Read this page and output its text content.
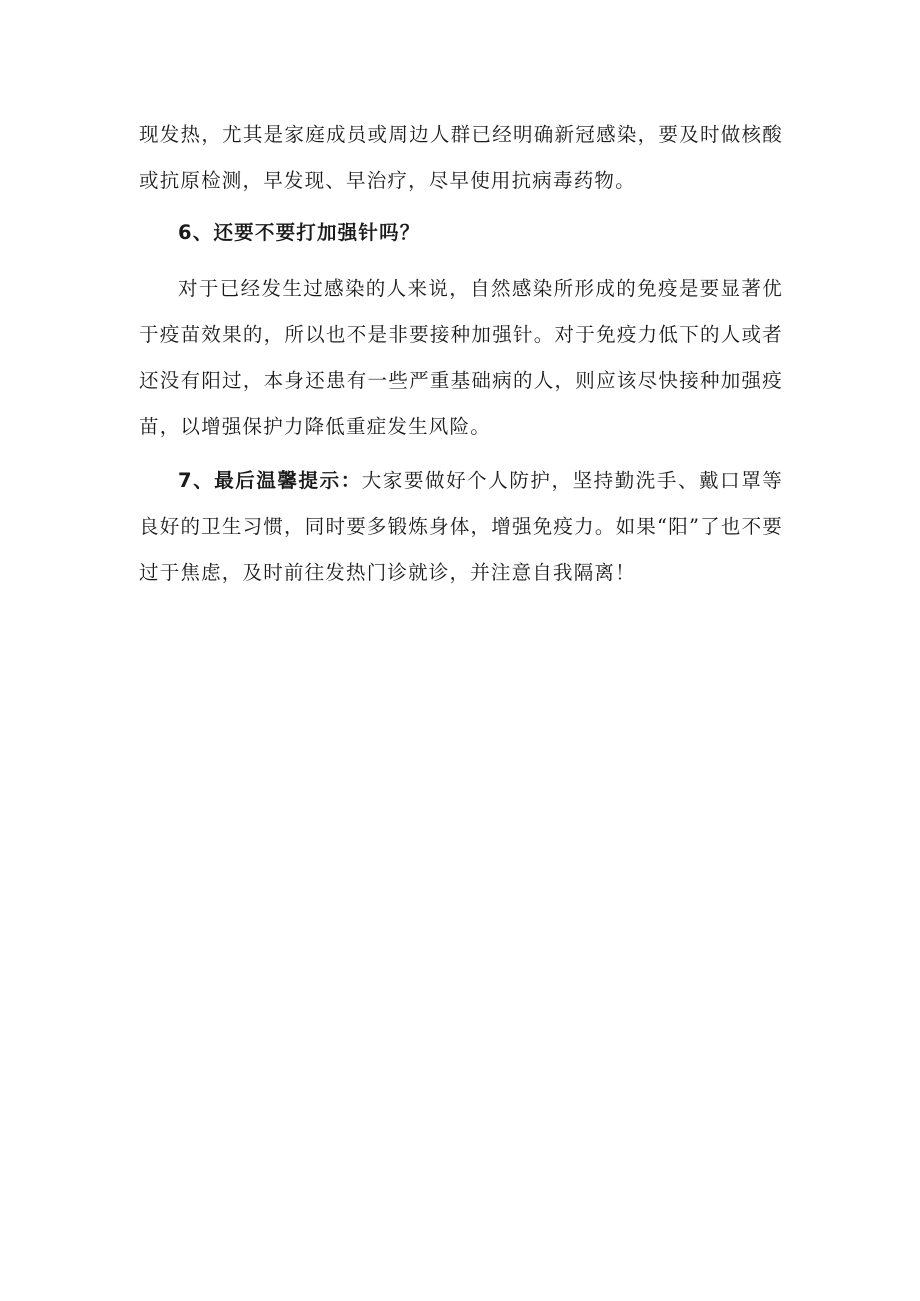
现发热，尤其是家庭成员或周边人群已经明确新冠感染，要及时做核酸或抗原检测，早发现、早治疗，尽早使用抗病毒药物。

6、还要不要打加强针吗？

对于已经发生过感染的人来说，自然感染所形成的免疫是要显著优于疫苗效果的，所以也不是非要接种加强针。对于免疫力低下的人或者还没有阳过，本身还患有一些严重基础病的人，则应该尽快接种加强疫苗，以增强保护力降低重症发生风险。

7、最后温馨提示：大家要做好个人防护，坚持勤洗手、戴口罩等良好的卫生习惯，同时要多锻炼身体，增强免疫力。如果“阳”了也不要过于焦虑，及时前往发热门诊就诊，并注意自我隔离！
